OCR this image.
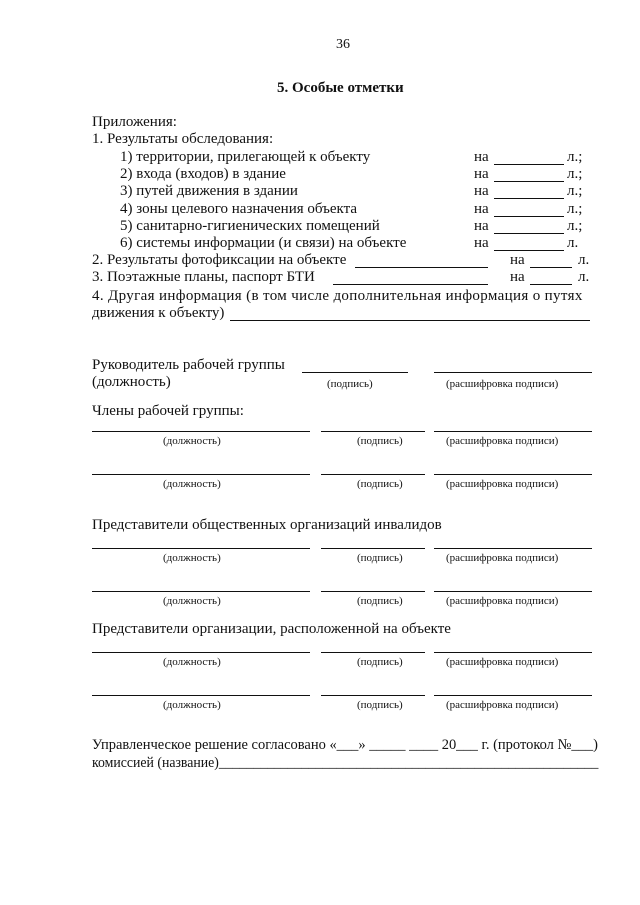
36
5. Особые отметки
Приложения:
1. Результаты обследования:
1) территории, прилегающей к объекту	на	л.;
2) входа (входов) в здание	на	л.;
3) путей движения в здании	на	л.;
4) зоны целевого назначения объекта	на	л.;
5) санитарно-гигиенических помещений	на	л.;
6) системы информации (и связи) на объекте	на	л.
2. Результаты фотофиксации на объекте	на	л.
3. Поэтажные планы, паспорт БТИ	на	л.
4. Другая информация (в том числе дополнительная информация о путях
движения к объекту)
Руководитель рабочей группы
(должность)	(подпись)	(расшифровка подписи)
Члены рабочей группы:
(должность)	(подпись)	(расшифровка подписи)
(должность)	(подпись)	(расшифровка подписи)
Представители общественных организаций инвалидов
(должность)	(подпись)	(расшифровка подписи)
(должность)	(подпись)	(расшифровка подписи)
Представители организации, расположенной на объекте
(должность)	(подпись)	(расшифровка подписи)
(должность)	(подпись)	(расшифровка подписи)
Управленческое решение согласовано «___» _____ ____ 20___ г. (протокол №___)
комиссией (название)_______________________________________________________
